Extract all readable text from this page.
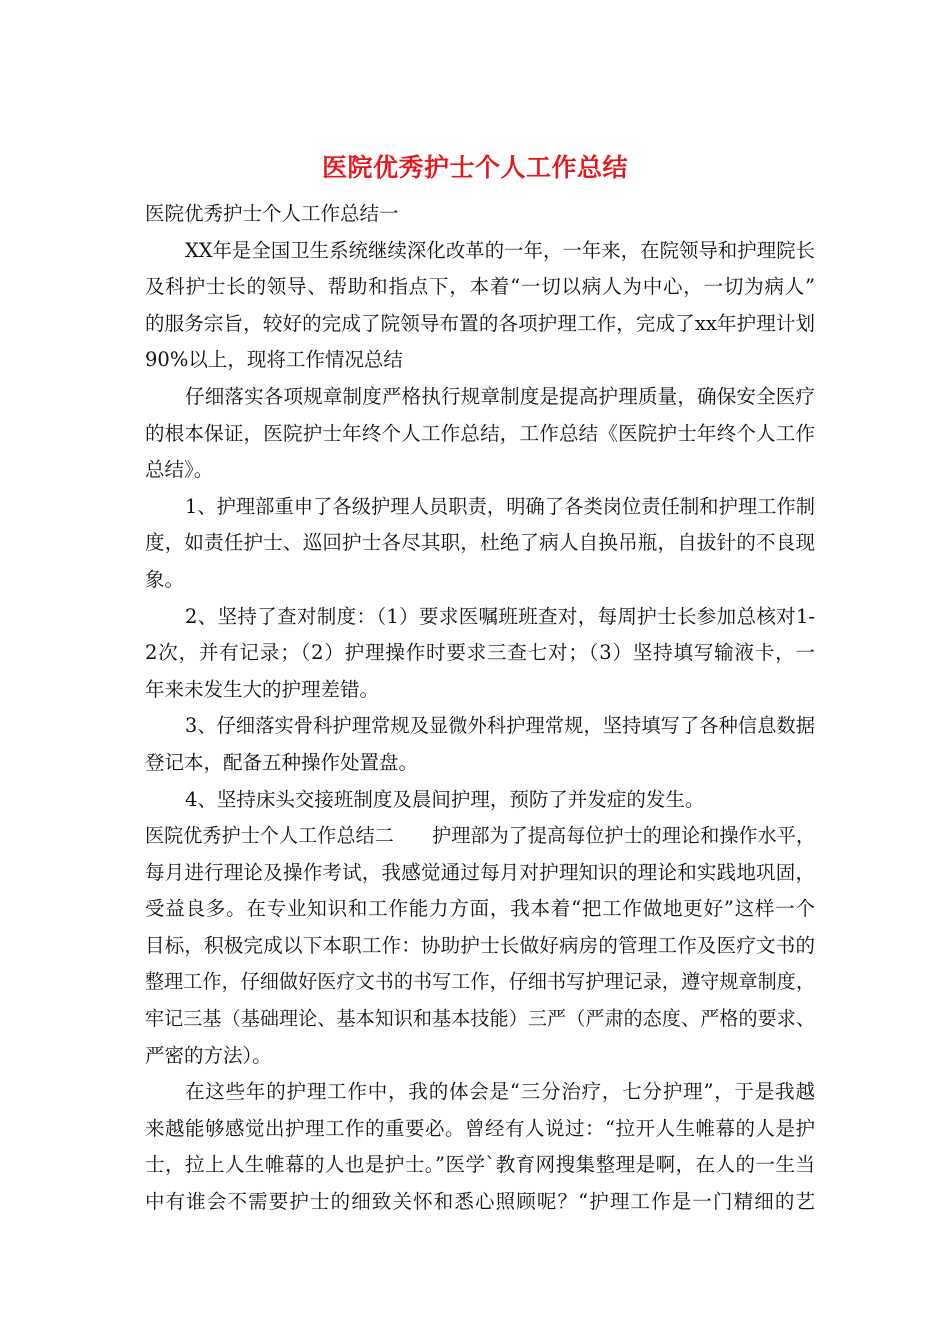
医院优秀护士个人工作总结
医院优秀护士个人工作总结一
XX年是全国卫生系统继续深化改革的一年，一年来，在院领导和护理院长
及科护士长的领导、帮助和指点下，本着“一切以病人为中心，一切为病人”
的服务宗旨，较好的完成了院领导布置的各项护理工作，完成了xx年护理计划
90%以上，现将工作情况总结
仔细落实各项规章制度严格执行规章制度是提高护理质量，确保安全医疗
的根本保证，医院护士年终个人工作总结，工作总结《医院护士年终个人工作
总结》。
1、护理部重申了各级护理人员职责，明确了各类岗位责任制和护理工作制
度，如责任护士、巡回护士各尽其职，杜绝了病人自换吊瓶，自拔针的不良现
象。
2、坚持了查对制度：（1）要求医嘱班班查对，每周护士长参加总核对1-
2次，并有记录；（2）护理操作时要求三查七对；（3）坚持填写输液卡，一
年来未发生大的护理差错。
3、仔细落实骨科护理常规及显微外科护理常规，坚持填写了各种信息数据
登记本，配备五种操作处置盘。
4、坚持床头交接班制度及晨间护理，预防了并发症的发生。
医院优秀护士个人工作总结二　　护理部为了提高每位护士的理论和操作水平，
每月进行理论及操作考试，我感觉通过每月对护理知识的理论和实践地巩固，
受益良多。在专业知识和工作能力方面，我本着“把工作做地更好”这样一个
目标，积极完成以下本职工作：协助护士长做好病房的管理工作及医疗文书的
整理工作，仔细做好医疗文书的书写工作，仔细书写护理记录，遵守规章制度，
牢记三基（基础理论、基本知识和基本技能）三严（严肃的态度、严格的要求、
严密的方法）。
在这些年的护理工作中，我的体会是“三分治疗，七分护理”，于是我越
来越能够感觉出护理工作的重要必。曾经有人说过：“拉开人生帷幕的人是护
士，拉上人生帷幕的人也是护士。”医学`教育网搜集整理是啊，在人的一生当
中有谁会不需要护士的细致关怀和悉心照顾呢？“护理工作是一门精细的艺
